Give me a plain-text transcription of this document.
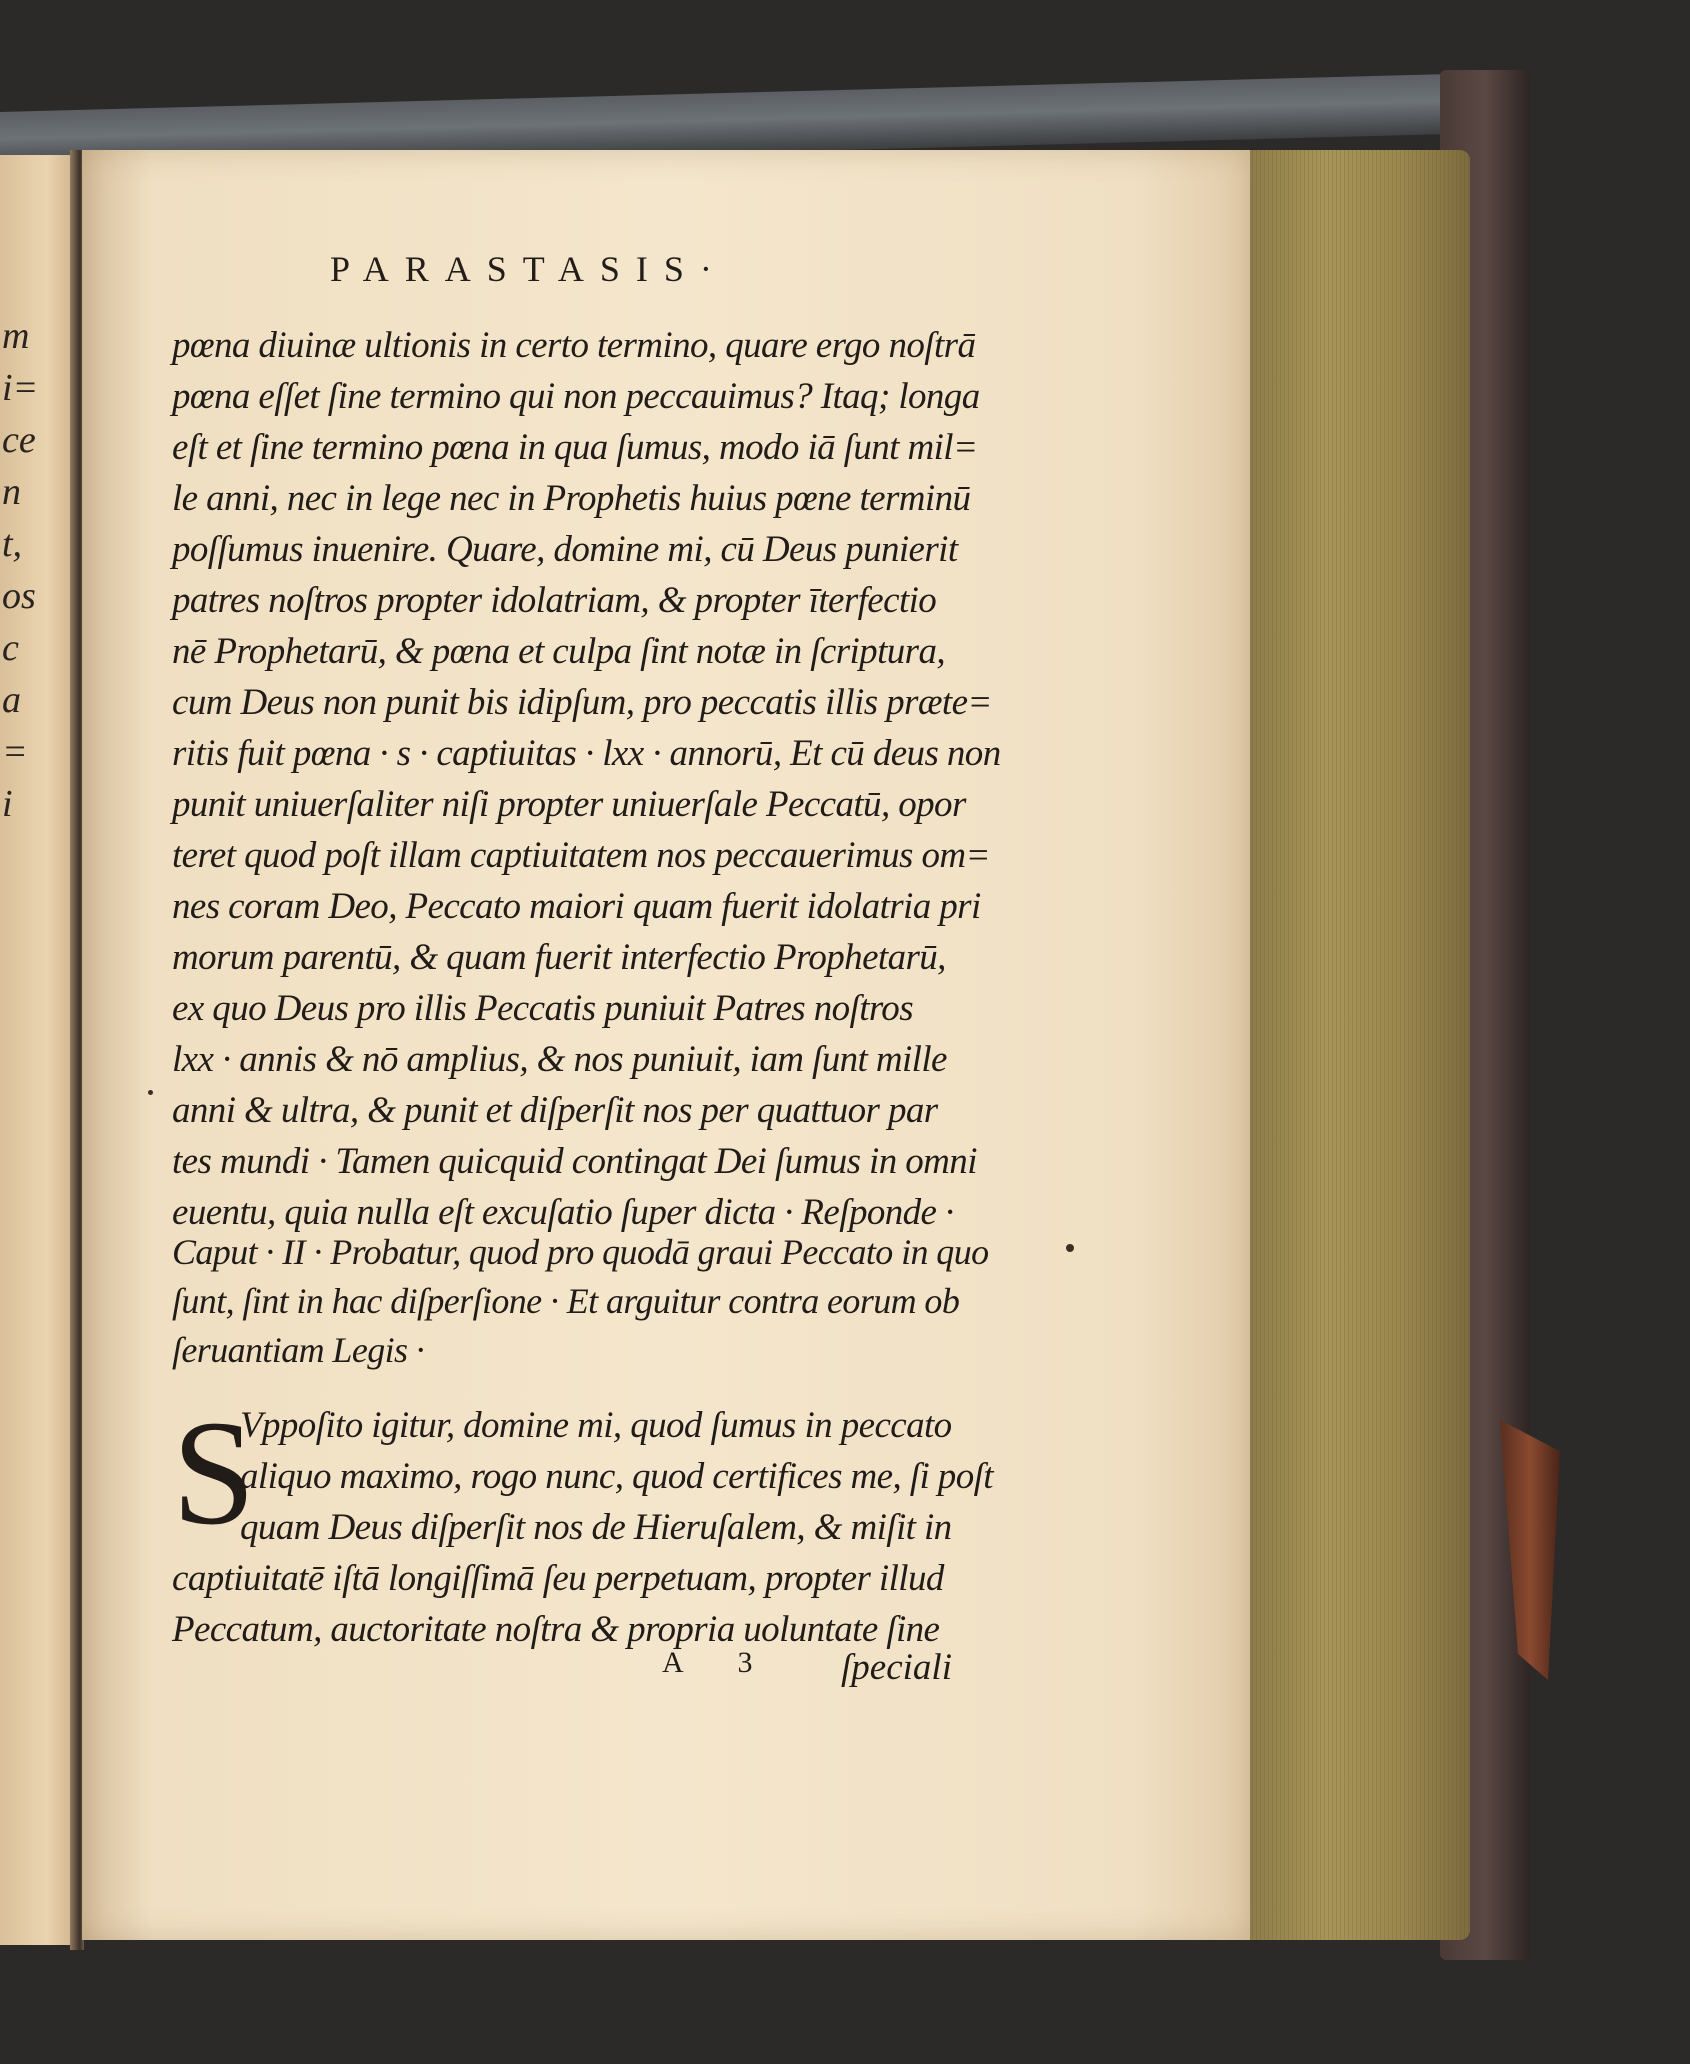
m
i=
ce
n
t,
os
c
a
=
i
PARASTASIS·
pœna diuinæ ultionis in certo termino, quare ergo noſtrā
pœna eſſet ſine termino qui non peccauimus? Itaq; longa
eſt et ſine termino pœna in qua ſumus, modo iā ſunt mil=
le anni, nec in lege nec in Prophetis huius pœne terminū
poſſumus inuenire. Quare, domine mi, cū Deus punierit
patres noſtros propter idolatriam, & propter īterfectio
nē Prophetarū, & pœna et culpa ſint notæ in ſcriptura,
cum Deus non punit bis idipſum, pro peccatis illis præte=
ritis fuit pœna · s · captiuitas · lxx · annorū, Et cū deus non
punit uniuerſaliter niſi propter uniuerſale Peccatū, opor
teret quod poſt illam captiuitatem nos peccauerimus om=
nes coram Deo, Peccato maiori quam fuerit idolatria pri
morum parentū, & quam fuerit interfectio Prophetarū,
ex quo Deus pro illis Peccatis puniuit Patres noſtros
lxx · annis & nō amplius, & nos puniuit, iam ſunt mille
anni & ultra, & punit et diſperſit nos per quattuor par
tes mundi · Tamen quicquid contingat Dei ſumus in omni
euentu, quia nulla eſt excuſatio ſuper dicta · Reſponde ·
Caput · II · Probatur, quod pro quodā graui Peccato in quo
ſunt, ſint in hac diſperſione · Et arguitur contra eorum ob
ſeruantiam Legis ·
S
Vppoſito igitur, domine mi, quod ſumus in peccato
aliquo maximo, rogo nunc, quod certifices me, ſi poſt
quam Deus diſperſit nos de Hieruſalem, & miſit in
captiuitatē iſtā longiſſimā ſeu perpetuam, propter illud
Peccatum, auctoritate noſtra & propria uoluntate ſine
A 3 ſpeciali
